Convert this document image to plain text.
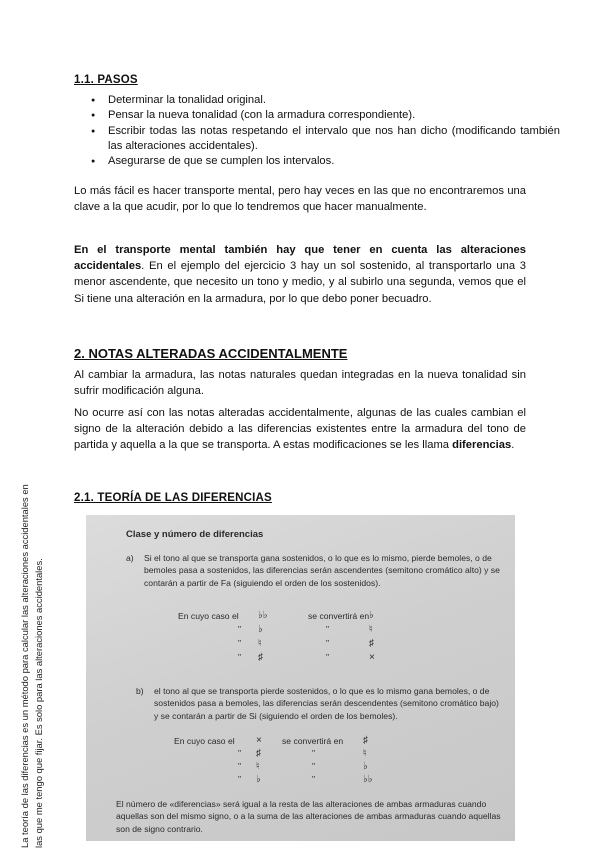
1.1. PASOS
● Determinar la tonalidad original.
● Pensar la nueva tonalidad (con la armadura correspondiente).
● Escribir todas las notas respetando el intervalo que nos han dicho (modificando también las alteraciones accidentales).
● Asegurarse de que se cumplen los intervalos.

Lo más fácil es hacer transporte mental, pero hay veces en las que no encontraremos una clave a la que acudir, por lo que lo tendremos que hacer manualmente.

En el transporte mental también hay que tener en cuenta las alteraciones accidentales. En el ejemplo del ejercicio 3 hay un sol sostenido, al transportarlo una 3 menor ascendente, que necesito un tono y medio, y al subirlo una segunda, vemos que el Si tiene una alteración en la armadura, por lo que debo poner becuadro.

2. NOTAS ALTERADAS ACCIDENTALMENTE

Al cambiar la armadura, las notas naturales quedan integradas en la nueva tonalidad sin sufrir modificación alguna.

No ocurre así con las notas alteradas accidentalmente, algunas de las cuales cambian el signo de la alteración debido a las diferencias existentes entre la armadura del tono de partida y aquella a la que se transporta. A estas modificaciones se les llama diferencias.

2.1. TEORÍA DE LAS DIFERENCIAS
La teoría de las diferencias es un método para calcular las alteraciones accidentales en las que me tengo que fijar. Es solo para las alteraciones accidentales.
Clase y número de diferencias
a) Si el tono al que se transporta gana sostenidos, o lo que es lo mismo, pierde bemoles, o de bemoles pasa a sostenidos, las diferencias serán ascendentes (semitono cromático alto) y se contarán a partir de Fa (siguiendo el orden de los sostenidos).

En cuyo caso el	se convertirá en
♭♭
♭
♮
♯
"
"
"
"
"
"
♭
♮
♯
×
b) el tono al que se transporta pierde sostenidos, o lo que es lo mismo gana bemoles, o de sostenidos pasa a bemoles, las diferencias serán descendentes (semitono cromático bajo) y se contarán a partir de Si (siguiendo el orden de los bemoles).

En cuyo caso el	se convertirá en
×
♯
♮
♭
"
"
"
"
"
"
♯
♮
♭
♭♭

El número de «diferencias» será igual a la resta de las alteraciones de ambas armaduras cuando aquellas son del mismo signo, o a la suma de las alteraciones de ambas armaduras cuando aquellas son de signo contrario.
